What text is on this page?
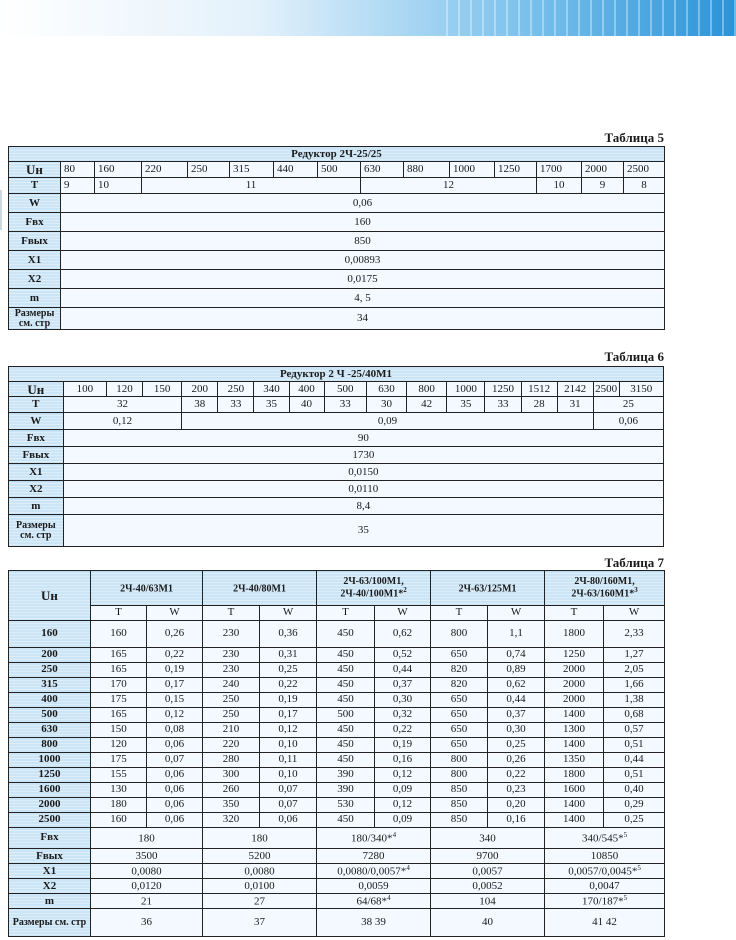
Таблица 5
Редуктор 2Ч-25/25														
Uн	80	160	220	250	315	440	500	630	880	1000	1250	1700	2000	2500
T	9	10	11					12				10	9	8
W	0,06													
Fвх	160													
Fвых	850													
X1	0,00893													
X2	0,0175													
m	4, 5													
Размеры см. стр	34													
Таблица 6
Редуктор 2 Ч -25/40М1																
Uн	100	120	150	200	250	340	400	500	630	800	1000	1250	1512	2142	2500	3150
T	32			38	33	35	40	33	30	42	35	33	28	31	25	
W	0,12			0,09											0,06	
Fвх	90															
Fвых	1730															
X1	0,0150															
X2	0,0110															
m	8,4															
Размеры см. стр	35															
Таблица 7
Uн	2Ч-40/63М1		2Ч-40/80М1		2Ч-63/100М1, 2Ч-40/100М1*$^2$		2Ч-63/125М1		2Ч-80/160М1, 2Ч-63/160М1*$^3$
	T	W	T	W	T	W	T	W	T	W
160	160	0,26	230	0,36	450	0,62	800	1,1	1800	2,33
200	165	0,22	230	0,31	450	0,52	650	0,74	1250	1,27
250	165	0,19	230	0,25	450	0,44	820	0,89	2000	2,05
315	170	0,17	240	0,22	450	0,37	820	0,62	2000	1,66
400	175	0,15	250	0,19	450	0,30	650	0,44	2000	1,38
500	165	0,12	250	0,17	500	0,32	650	0,37	1400	0,68
630	150	0,08	210	0,12	450	0,22	650	0,30	1300	0,57
800	120	0,06	220	0,10	450	0,19	650	0,25	1400	0,51
1000	175	0,07	280	0,11	450	0,16	800	0,26	1350	0,44
1250	155	0,06	300	0,10	390	0,12	800	0,22	1800	0,51
1600	130	0,06	260	0,07	390	0,09	850	0,23	1600	0,40
2000	180	0,06	350	0,07	530	0,12	850	0,20	1400	0,29
2500	160	0,06	320	0,06	450	0,09	850	0,16	1400	0,25
Fвх	180		180		180/340*$^4$		340		340/545*$^5$
Fвых	3500		5200		7280		9700		10850	
X1	0,0080		0,0080		0,0080/0,0057*$^4$		0,0057		0,0057/0,0045*$^5$
X2	0,0120		0,0100		0,0059		0,0052		0,0047	
m	21		27		64/68*$^4$		104		170/187*$^5$
Размеры см. стр	36		37		38 39		40		41 42	
